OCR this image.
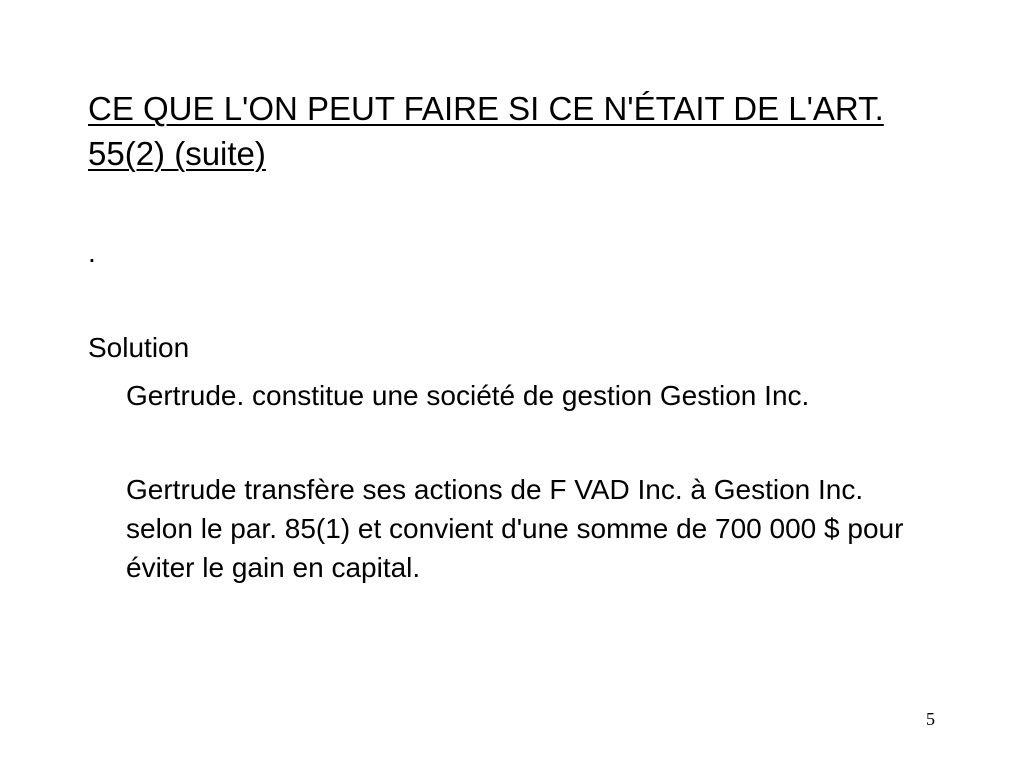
CE QUE L'ON PEUT FAIRE SI CE N'ÉTAIT DE L'ART. 55(2) (suite)
.
Solution
Gertrude. constitue une société de gestion Gestion Inc.
Gertrude transfère ses actions de F VAD Inc. à Gestion Inc. selon le par. 85(1) et convient d'une somme de 700 000 $ pour éviter le gain en capital.
5
